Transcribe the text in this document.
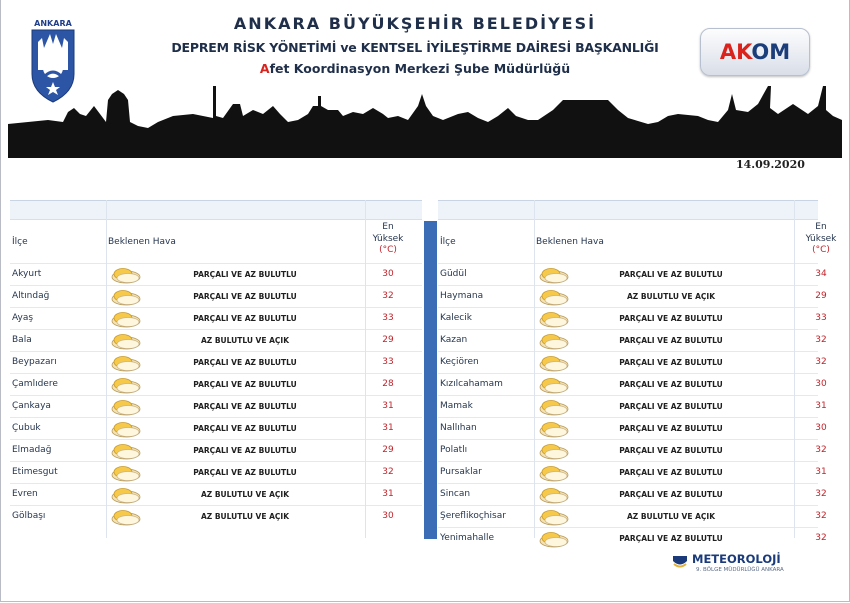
ANKARA	ANKARA BÜYÜKŞEHİR BELEDİYESİ
DEPREM RİSK YÖNETİMİ ve KENTSEL İYİLEŞTİRME DAİRESİ BAŞKANLIĞI
Afet Koordinasyon Merkezi Şube Müdürlüğü
AKOM
14.09.2020
İlçe	Beklenen Hava
En
Yüksek
(°C)
Akyurt	PARÇALI VE AZ BULUTLU	30
Altındağ	PARÇALI VE AZ BULUTLU	32
Ayaş	PARÇALI VE AZ BULUTLU	33
Bala	AZ BULUTLU VE AÇIK	29
Beypazarı	PARÇALI VE AZ BULUTLU	33
Çamlıdere	PARÇALI VE AZ BULUTLU	28
Çankaya	PARÇALI VE AZ BULUTLU	31
Çubuk	PARÇALI VE AZ BULUTLU	31
Elmadağ	PARÇALI VE AZ BULUTLU	29
Etimesgut	PARÇALI VE AZ BULUTLU	32
Evren	AZ BULUTLU VE AÇIK	31
Gölbaşı	AZ BULUTLU VE AÇIK	30
İlçe	Beklenen Hava
En
Yüksek
(°C)
Güdül	PARÇALI VE AZ BULUTLU	34
Haymana	AZ BULUTLU VE AÇIK	29
Kalecik	PARÇALI VE AZ BULUTLU	33
Kazan	PARÇALI VE AZ BULUTLU	32
Keçiören	PARÇALI VE AZ BULUTLU	32
Kızılcahamam	PARÇALI VE AZ BULUTLU	30
Mamak	PARÇALI VE AZ BULUTLU	31
Nallıhan	PARÇALI VE AZ BULUTLU	30
Polatlı	PARÇALI VE AZ BULUTLU	32
Pursaklar	PARÇALI VE AZ BULUTLU	31
Sincan	PARÇALI VE AZ BULUTLU	32
Şereflikoçhisar	AZ BULUTLU VE AÇIK	32
Yenimahalle	PARÇALI VE AZ BULUTLU	32
METEOROLOJİ
9. BÖLGE MÜDÜRLÜĞÜ ANKARA
